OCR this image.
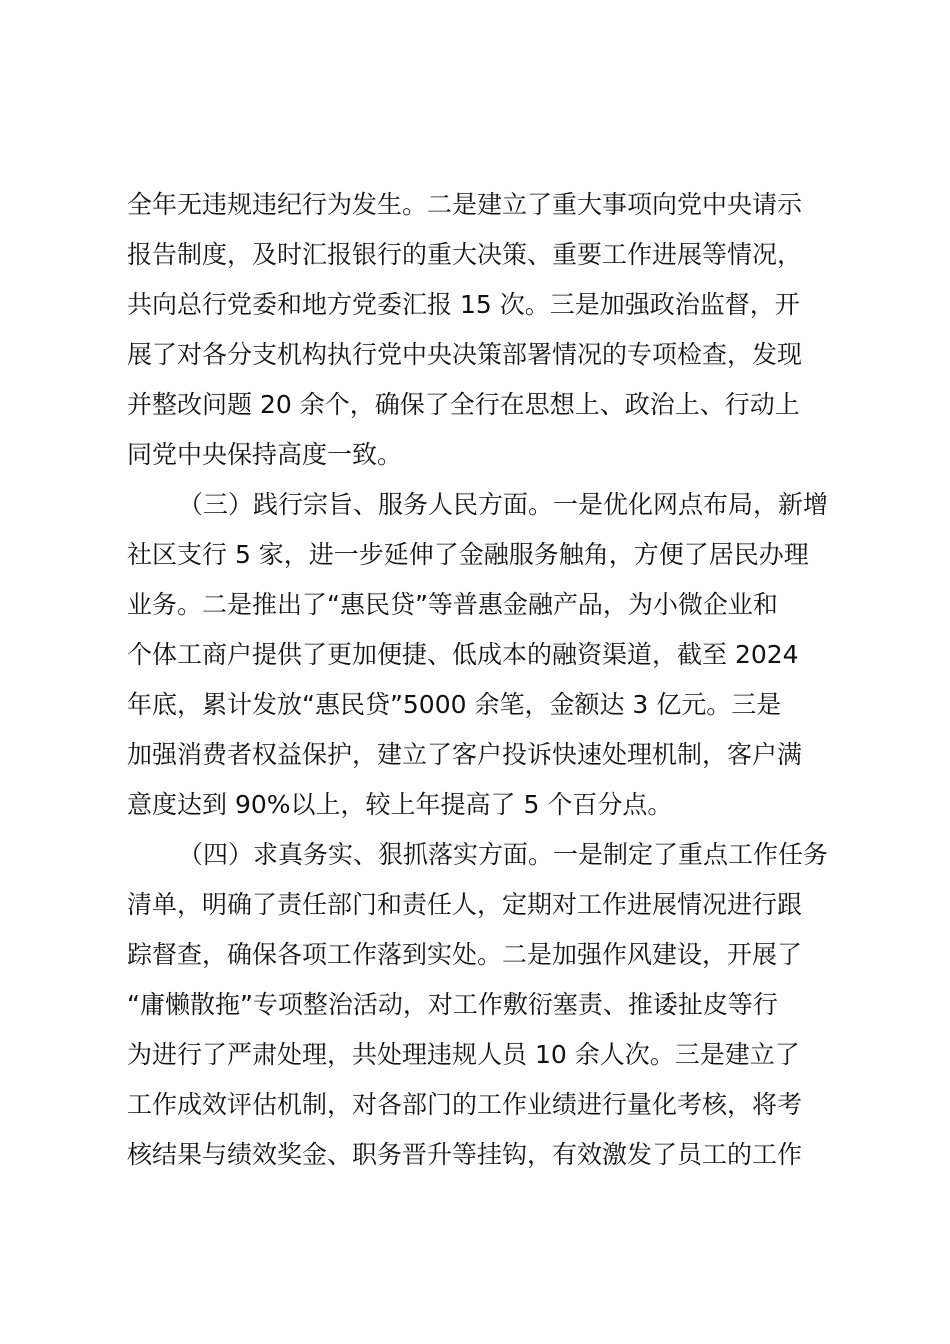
全年无违规违纪行为发生。二是建立了重大事项向党中央请示
报告制度，及时汇报银行的重大决策、重要工作进展等情况，
共向总行党委和地方党委汇报 15 次。三是加强政治监督，开
展了对各分支机构执行党中央决策部署情况的专项检查，发现
并整改问题 20 余个，确保了全行在思想上、政治上、行动上
同党中央保持高度一致。
（三）践行宗旨、服务人民方面。一是优化网点布局，新增
社区支行 5 家，进一步延伸了金融服务触角，方便了居民办理
业务。二是推出了“惠民贷”等普惠金融产品，为小微企业和
个体工商户提供了更加便捷、低成本的融资渠道，截至 2024
年底，累计发放“惠民贷”5000 余笔，金额达 3 亿元。三是
加强消费者权益保护，建立了客户投诉快速处理机制，客户满
意度达到 90%以上，较上年提高了 5 个百分点。
（四）求真务实、狠抓落实方面。一是制定了重点工作任务
清单，明确了责任部门和责任人，定期对工作进展情况进行跟
踪督查，确保各项工作落到实处。二是加强作风建设，开展了
“庸懒散拖”专项整治活动，对工作敷衍塞责、推诿扯皮等行
为进行了严肃处理，共处理违规人员 10 余人次。三是建立了
工作成效评估机制，对各部门的工作业绩进行量化考核，将考
核结果与绩效奖金、职务晋升等挂钩，有效激发了员工的工作
